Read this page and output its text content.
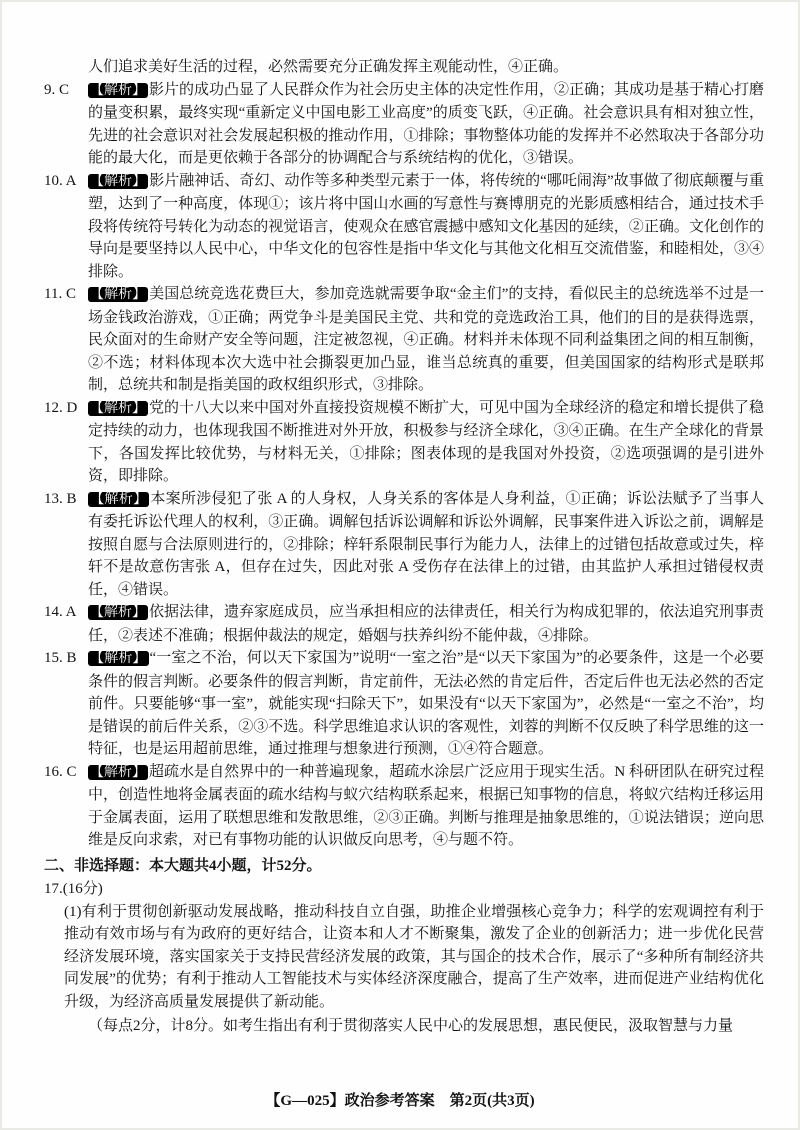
人们追求美好生活的过程，必然需要充分正确发挥主观能动性，④正确。

9. C 【解析】 影片的成功凸显了人民群众作为社会历史主体的决定性作用，②正确；其成功是基于精心打磨的量变积累，最终实现“重新定义中国电影工业高度”的质变飞跃，④正确。社会意识具有相对独立性，先进的社会意识对社会发展起积极的推动作用，①排除；事物整体功能的发挥并不必然取决于各部分功能的最大化，而是更依赖于各部分的协调配合与系统结构的优化，③错误。

10. A 【解析】 影片融神话、奇幻、动作等多种类型元素于一体，将传统的“哪吒闹海”故事做了彻底颠覆与重塑，达到了一种高度，体现①；该片将中国山水画的写意性与赛博朋克的光影质感相结合，通过技术手段将传统符号转化为动态的视觉语言，使观众在感官震撼中感知文化基因的延续，②正确。文化创作的导向是要坚持以人民中心，中华文化的包容性是指中华文化与其他文化相互交流借鉴，和睦相处，③④排除。

11. C 【解析】 美国总统竞选花费巨大，参加竞选就需要争取“金主们”的支持，看似民主的总统选举不过是一场金钱政治游戏，①正确；两党争斗是美国民主党、共和党的竞选政治工具，他们的目的是获得选票，民众面对的生命财产安全等问题，注定被忽视，④正确。材料并未体现不同利益集团之间的相互制衡，②不选；材料体现本次大选中社会撕裂更加凸显，谁当总统真的重要，但美国国家的结构形式是联邦制，总统共和制是指美国的政权组织形式，③排除。

12. D 【解析】 党的十八大以来中国对外直接投资规模不断扩大，可见中国为全球经济的稳定和增长提供了稳定持续的动力，也体现我国不断推进对外开放，积极参与经济全球化，③④正确。在生产全球化的背景下，各国发挥比较优势，与材料无关，①排除；图表体现的是我国对外投资，②选项强调的是引进外资，即排除。

13. B 【解析】 本案所涉侵犯了张 A 的人身权，人身关系的客体是人身利益，①正确；诉讼法赋予了当事人有委托诉讼代理人的权利，③正确。调解包括诉讼调解和诉讼外调解，民事案件进入诉讼之前，调解是按照自愿与合法原则进行的，②排除；梓轩系限制民事行为能力人，法律上的过错包括故意或过失，梓轩不是故意伤害张 A，但存在过失，因此对张 A 受伤存在法律上的过错，由其监护人承担过错侵权责任，④错误。

14. A 【解析】 依据法律，遗弃家庭成员，应当承担相应的法律责任，相关行为构成犯罪的，依法追究刑事责任，②表述不准确；根据仲裁法的规定，婚姻与扶养纠纷不能仲裁，④排除。

15. B 【解析】 “一室之不治，何以天下家国为”说明“一室之治”是“以天下家国为”的必要条件，这是一个必要条件的假言判断。必要条件的假言判断，肯定前件，无法必然的肯定后件，否定后件也无法必然的否定前件。只要能够“事一室”，就能实现“扫除天下”，如果没有“以天下家国为”，必然是“一室之不治”，均是错误的前后件关系，②③不选。科学思维追求认识的客观性，刘蓉的判断不仅反映了科学思维的这一特征，也是运用超前思维，通过推理与想象进行预测，①④符合题意。

16. C 【解析】 超疏水是自然界中的一种普遍现象，超疏水涂层广泛应用于现实生活。N 科研团队在研究过程中，创造性地将金属表面的疏水结构与蚁穴结构联系起来，根据已知事物的信息，将蚁穴结构迁移运用于金属表面，运用了联想思维和发散思维，②③正确。判断与推理是抽象思维的，①说法错误；逆向思维是反向求索，对已有事物功能的认识做反向思考，④与题不符。

二、非选择题：本大题共4小题，计52分。

17.(16分)

(1)有利于贯彻创新驱动发展战略，推动科技自立自强，助推企业增强核心竞争力；科学的宏观调控有利于推动有效市场与有为政府的更好结合，让资本和人才不断聚集，激发了企业的创新活力；进一步优化民营经济发展环境，落实国家关于支持民营经济发展的政策，其与国企的技术合作，展示了“多种所有制经济共同发展”的优势；有利于推动人工智能技术与实体经济深度融合，提高了生产效率，进而促进产业结构优化升级，为经济高质量发展提供了新动能。

（每点2分，计8分。如考生指出有利于贯彻落实人民中心的发展思想，惠民便民，汲取智慧与力量

【G—025】政治参考答案　第2页(共3页)
